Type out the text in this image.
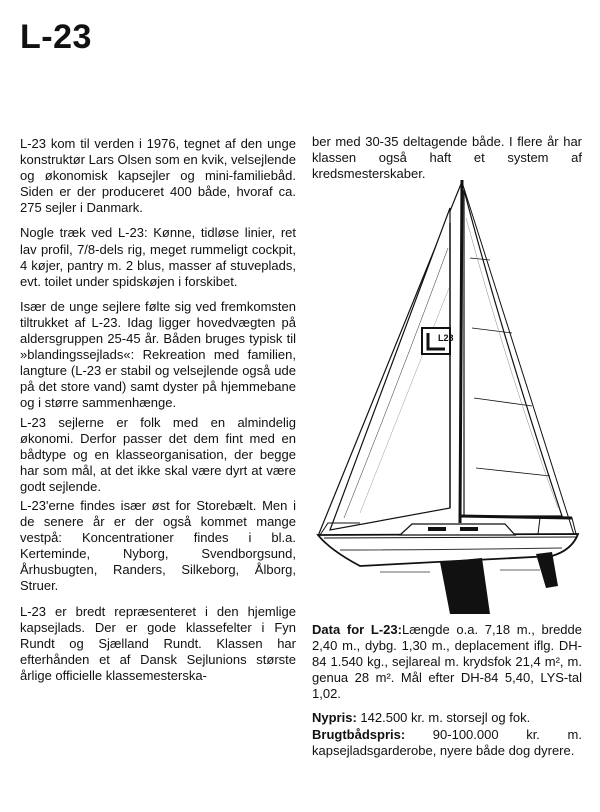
L-23

L-23 kom til verden i 1976, tegnet af den unge konstruktør Lars Olsen som en kvik, velsejlende og økonomisk kapsejler og mini-familiebåd. Siden er der produceret 400 både, hvoraf ca. 275 sejler i Danmark.

Nogle træk ved L-23: Kønne, tidløse linier, ret lav profil, 7/8-dels rig, meget rummeligt cockpit, 4 køjer, pantry m. 2 blus, masser af stuveplads, evt. toilet under spidskøjen i forskibet.

Især de unge sejlere følte sig ved fremkomsten tiltrukket af L-23. Idag ligger hovedvægten på aldersgruppen 25-45 år. Båden bruges typisk til »blandingssejlads«: Rekreation med familien, langture (L-23 er stabil og velsejlende også ude på det store vand) samt dyster på hjemmebane og i større sammenhænge.

L-23 sejlerne er folk med en almindelig økonomi. Derfor passer det dem fint med en bådtype og en klasseorganisation, der begge har som mål, at det ikke skal være dyrt at være godt sejlende.

L-23'erne findes især øst for Storebælt. Men i de senere år er der også kommet mange vestpå: Koncentrationer findes i bl.a. Kerteminde, Nyborg, Svendborgsund, Århusbugten, Randers, Silkeborg, Ålborg, Struer.

L-23 er bredt repræsenteret i den hjemlige kapsejlads. Der er gode klassefelter i Fyn Rundt og Sjælland Rundt. Klassen har efterhånden et af Dansk Sejlunions største årlige officielle klassemesterska-

ber med 30-35 deltagende både. I flere år har klassen også haft et system af kredsmesterskaber.

L23

Data for L-23:Længde o.a. 7,18 m., bredde 2,40 m., dybg. 1,30 m., deplacement iflg. DH-84 1.540 kg., sejlareal m. krydsfok 21,4 m², m. genua 28 m². Mål efter DH-84 5,40, LYS-tal 1,02.

Nypris: 142.500 kr. m. storsejl og fok.
Brugtbådspris: 90-100.000 kr. m. kapsejladsgarderobe, nyere både dog dyrere.
